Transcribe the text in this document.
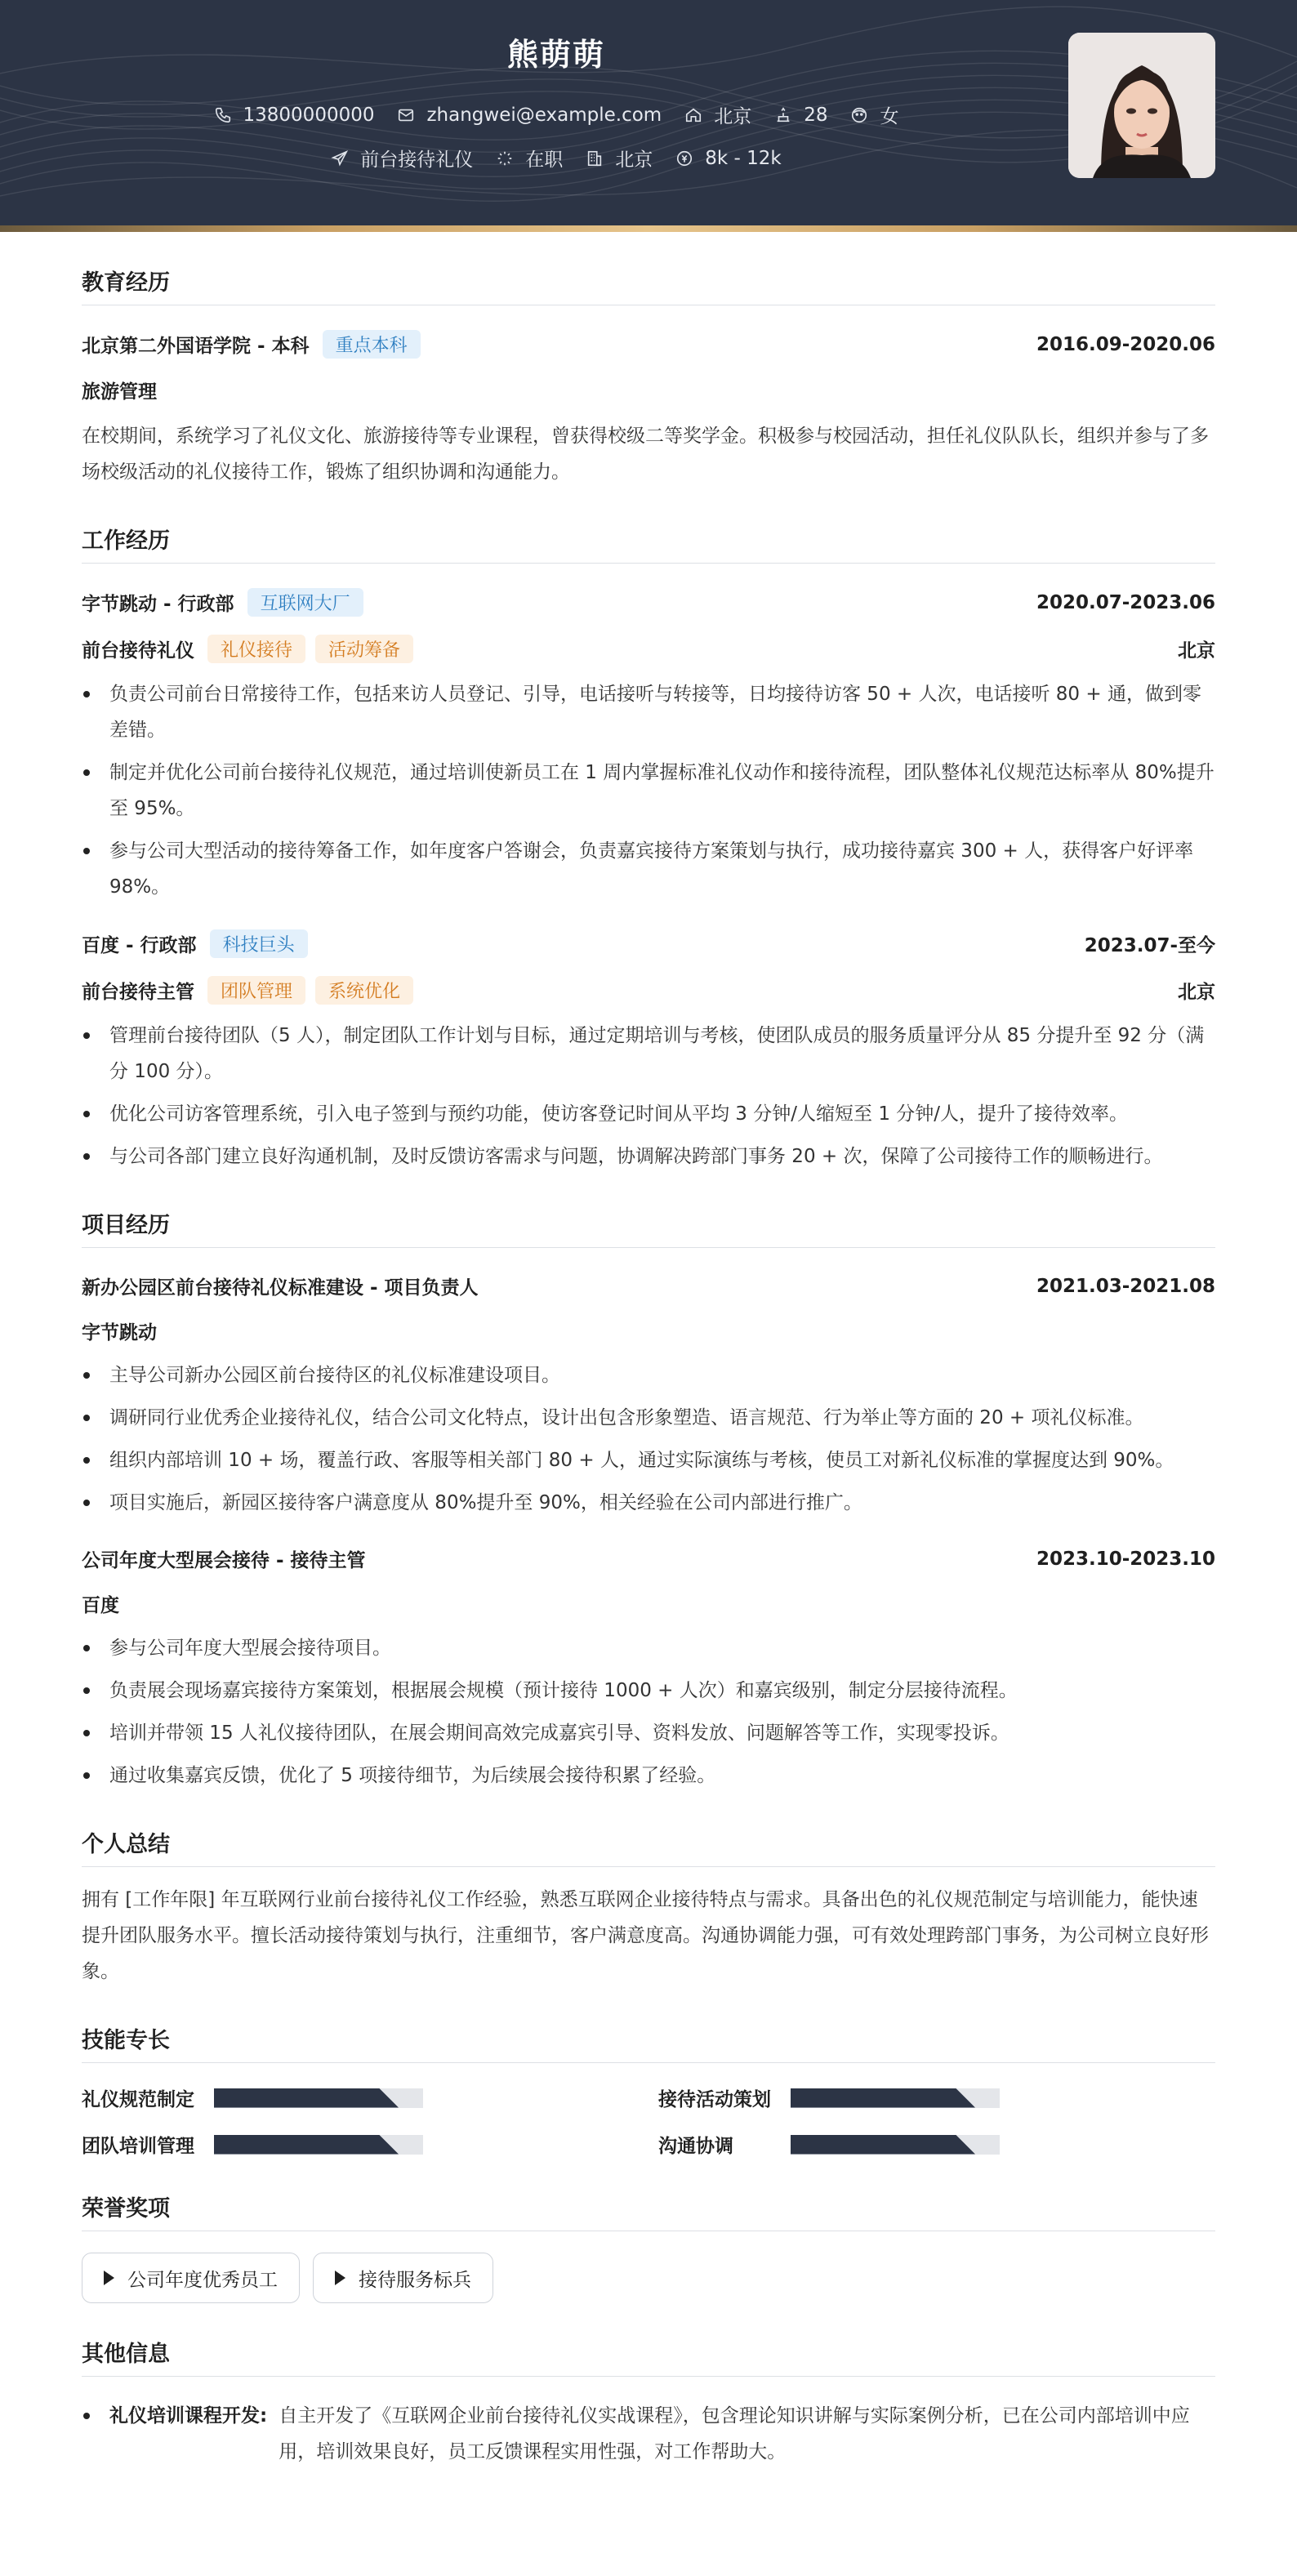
熊萌萌
13800000000	zhangwei@example.com	北京	28	女
前台接待礼仪	在职	北京	8k - 12k
教育经历
北京第二外国语学院 - 本科	重点本科	2016.09-2020.06
旅游管理
在校期间，系统学习了礼仪文化、旅游接待等专业课程，曾获得校级二等奖学金。积极参与校园活动，担任礼仪队队长，组织并参与了多场校级活动的礼仪接待工作，锻炼了组织协调和沟通能力。
工作经历
字节跳动 - 行政部	互联网大厂	2020.07-2023.06
前台接待礼仪	礼仪接待	活动筹备	北京
负责公司前台日常接待工作，包括来访人员登记、引导，电话接听与转接等，日均接待访客 50 + 人次，电话接听 80 + 通，做到零差错。
制定并优化公司前台接待礼仪规范，通过培训使新员工在 1 周内掌握标准礼仪动作和接待流程，团队整体礼仪规范达标率从 80%提升至 95%。
参与公司大型活动的接待筹备工作，如年度客户答谢会，负责嘉宾接待方案策划与执行，成功接待嘉宾 300 + 人，获得客户好评率 98%。
百度 - 行政部	科技巨头	2023.07-至今
前台接待主管	团队管理	系统优化	北京
管理前台接待团队（5 人），制定团队工作计划与目标，通过定期培训与考核，使团队成员的服务质量评分从 85 分提升至 92 分（满分 100 分）。
优化公司访客管理系统，引入电子签到与预约功能，使访客登记时间从平均 3 分钟/人缩短至 1 分钟/人，提升了接待效率。
与公司各部门建立良好沟通机制，及时反馈访客需求与问题，协调解决跨部门事务 20 + 次，保障了公司接待工作的顺畅进行。
项目经历
新办公园区前台接待礼仪标准建设 - 项目负责人	2021.03-2021.08
字节跳动
主导公司新办公园区前台接待区的礼仪标准建设项目。
调研同行业优秀企业接待礼仪，结合公司文化特点，设计出包含形象塑造、语言规范、行为举止等方面的 20 + 项礼仪标准。
组织内部培训 10 + 场，覆盖行政、客服等相关部门 80 + 人，通过实际演练与考核，使员工对新礼仪标准的掌握度达到 90%。
项目实施后，新园区接待客户满意度从 80%提升至 90%，相关经验在公司内部进行推广。
公司年度大型展会接待 - 接待主管	2023.10-2023.10
百度
参与公司年度大型展会接待项目。
负责展会现场嘉宾接待方案策划，根据展会规模（预计接待 1000 + 人次）和嘉宾级别，制定分层接待流程。
培训并带领 15 人礼仪接待团队，在展会期间高效完成嘉宾引导、资料发放、问题解答等工作，实现零投诉。
通过收集嘉宾反馈，优化了 5 项接待细节，为后续展会接待积累了经验。
个人总结
拥有 [工作年限] 年互联网行业前台接待礼仪工作经验，熟悉互联网企业接待特点与需求。具备出色的礼仪规范制定与培训能力，能快速提升团队服务水平。擅长活动接待策划与执行，注重细节，客户满意度高。沟通协调能力强，可有效处理跨部门事务，为公司树立良好形象。
技能专长
礼仪规范制定	接待活动策划
团队培训管理	沟通协调
荣誉奖项
公司年度优秀员工	接待服务标兵
其他信息
礼仪培训课程开发: 自主开发了《互联网企业前台接待礼仪实战课程》，包含理论知识讲解与实际案例分析，已在公司内部培训中应用，培训效果良好，员工反馈课程实用性强，对工作帮助大。
